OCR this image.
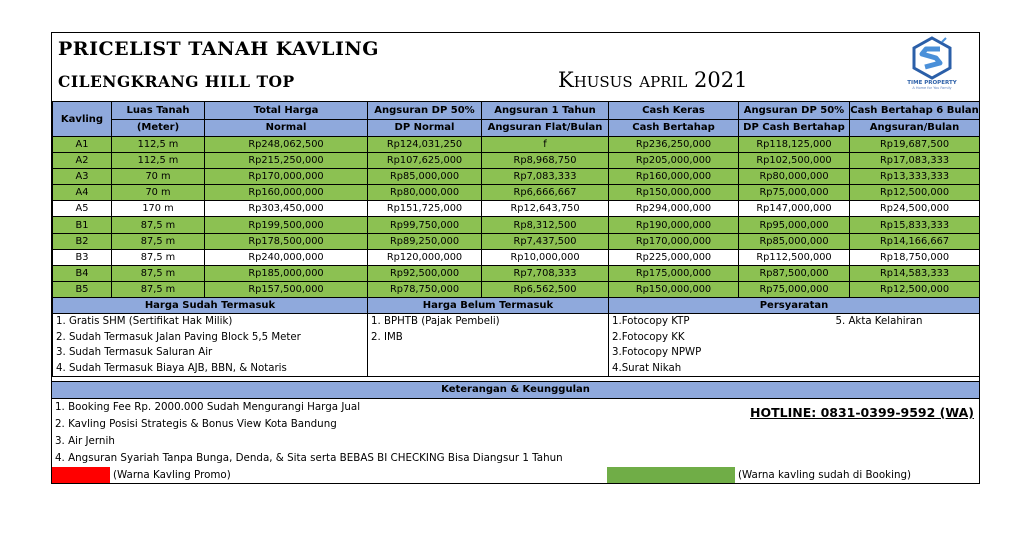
PRICELIST TANAH KAVLING
CILENGKRANG HILL TOP	Khusus april 2021	TIME PROPERTY
A Home for You Family
Kavling	Luas Tanah	Total Harga	Angsuran DP 50%	Angsuran 1 Tahun	Cash Keras	Angsuran DP 50%	Cash Bertahap 6 Bulan
	(Meter)	Normal	DP Normal	Angsuran Flat/Bulan	Cash Bertahap	DP Cash Bertahap	Angsuran/Bulan
A1	112,5 m	Rp248,062,500	Rp124,031,250	f	Rp236,250,000	Rp118,125,000	Rp19,687,500
A2	112,5 m	Rp215,250,000	Rp107,625,000	Rp8,968,750	Rp205,000,000	Rp102,500,000	Rp17,083,333
A3	70 m	Rp170,000,000	Rp85,000,000	Rp7,083,333	Rp160,000,000	Rp80,000,000	Rp13,333,333
A4	70 m	Rp160,000,000	Rp80,000,000	Rp6,666,667	Rp150,000,000	Rp75,000,000	Rp12,500,000
A5	170 m	Rp303,450,000	Rp151,725,000	Rp12,643,750	Rp294,000,000	Rp147,000,000	Rp24,500,000
B1	87,5 m	Rp199,500,000	Rp99,750,000	Rp8,312,500	Rp190,000,000	Rp95,000,000	Rp15,833,333
B2	87,5 m	Rp178,500,000	Rp89,250,000	Rp7,437,500	Rp170,000,000	Rp85,000,000	Rp14,166,667
B3	87,5 m	Rp240,000,000	Rp120,000,000	Rp10,000,000	Rp225,000,000	Rp112,500,000	Rp18,750,000
B4	87,5 m	Rp185,000,000	Rp92,500,000	Rp7,708,333	Rp175,000,000	Rp87,500,000	Rp14,583,333
B5	87,5 m	Rp157,500,000	Rp78,750,000	Rp6,562,500	Rp150,000,000	Rp75,000,000	Rp12,500,000
Harga Sudah Termasuk	Harga Belum Termasuk	Persyaratan	
1. Gratis SHM (Sertifikat Hak Milik)	1. BPHTB (Pajak Pembeli)	1.Fotocopy KTP	5. Akta Kelahiran
2. Sudah Termasuk Jalan Paving Block 5,5 Meter	2. IMB	2.Fotocopy KK	
3. Sudah Termasuk Saluran Air		3.Fotocopy NPWP	
4. Sudah Termasuk Biaya AJB, BBN, & Notaris		4.Surat Nikah	
Keterangan & Keunggulan
1. Booking Fee Rp. 2000.000 Sudah Mengurangi Harga Jual
2. Kavling Posisi Strategis & Bonus View Kota Bandung
3. Air Jernih
4. Angsuran Syariah Tanpa Bunga, Denda, & Sita serta BEBAS BI CHECKING Bisa Diangsur 1 Tahun
HOTLINE: 0831-0399-9592 (WA)
(Warna Kavling Promo)	(Warna kavling sudah di Booking)
